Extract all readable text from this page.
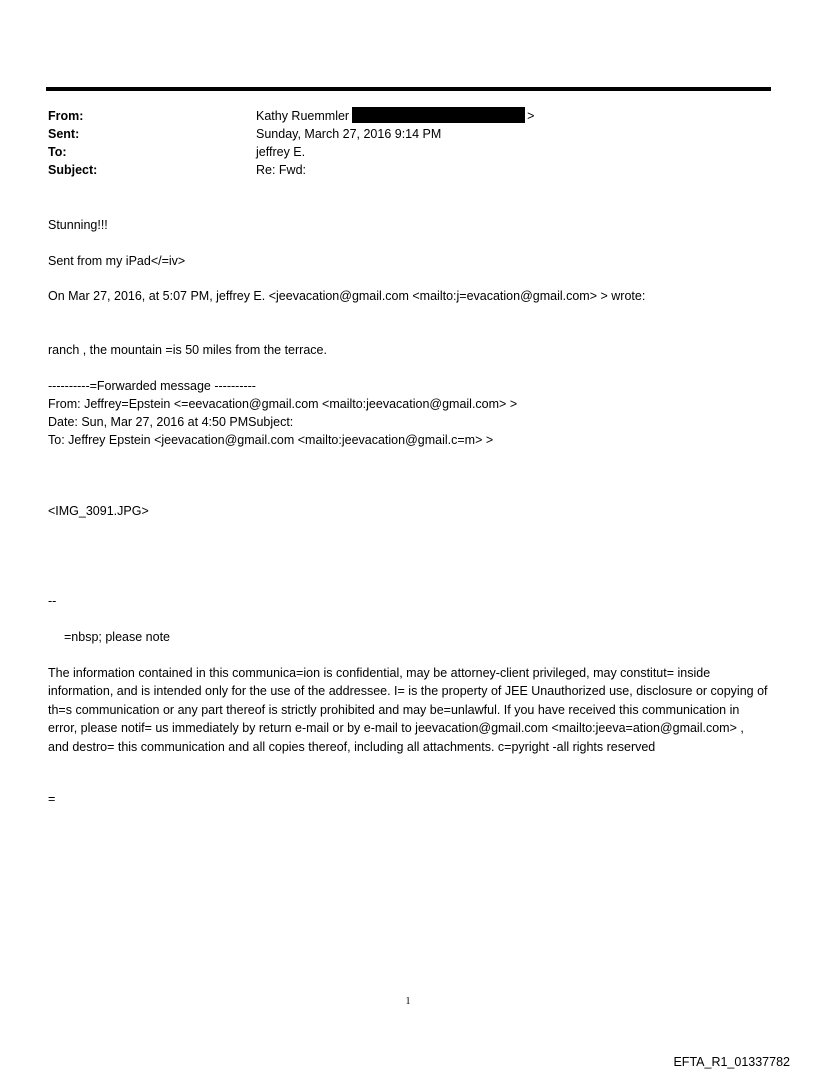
From:	Kathy Ruemmler	>
Sent:	Sunday, March 27, 2016 9:14 PM
To:	jeffrey E.
Subject:	Re: Fwd:
Stunning!!!
Sent from my iPad</=iv>
On Mar 27, 2016, at 5:07 PM, jeffrey E. <jeevacation@gmail.com <mailto:j=evacation@gmail.com> > wrote:
ranch , the mountain =is 50 miles from the terrace.
----------=Forwarded message ----------
From: Jeffrey=Epstein <=eevacation@gmail.com <mailto:jeevacation@gmail.com> >
Date: Sun, Mar 27, 2016 at 4:50 PMSubject:
To: Jeffrey Epstein <jeevacation@gmail.com <mailto:jeevacation@gmail.c=m> >
<IMG_3091.JPG>
--
=nbsp; please note
The information contained in this communica=ion is confidential, may be attorney-client privileged, may constitut= inside information, and is intended only for the use of the addressee. I= is the property of JEE Unauthorized use, disclosure or copying of th=s communication or any part thereof is strictly prohibited and may be=unlawful. If you have received this communication in error, please notif= us immediately by return e-mail or by e-mail to jeevacation@gmail.com <mailto:jeeva=ation@gmail.com> , and destro= this communication and all copies thereof, including all attachments. c=pyright -all rights reserved
=
1
EFTA_R1_01337782
